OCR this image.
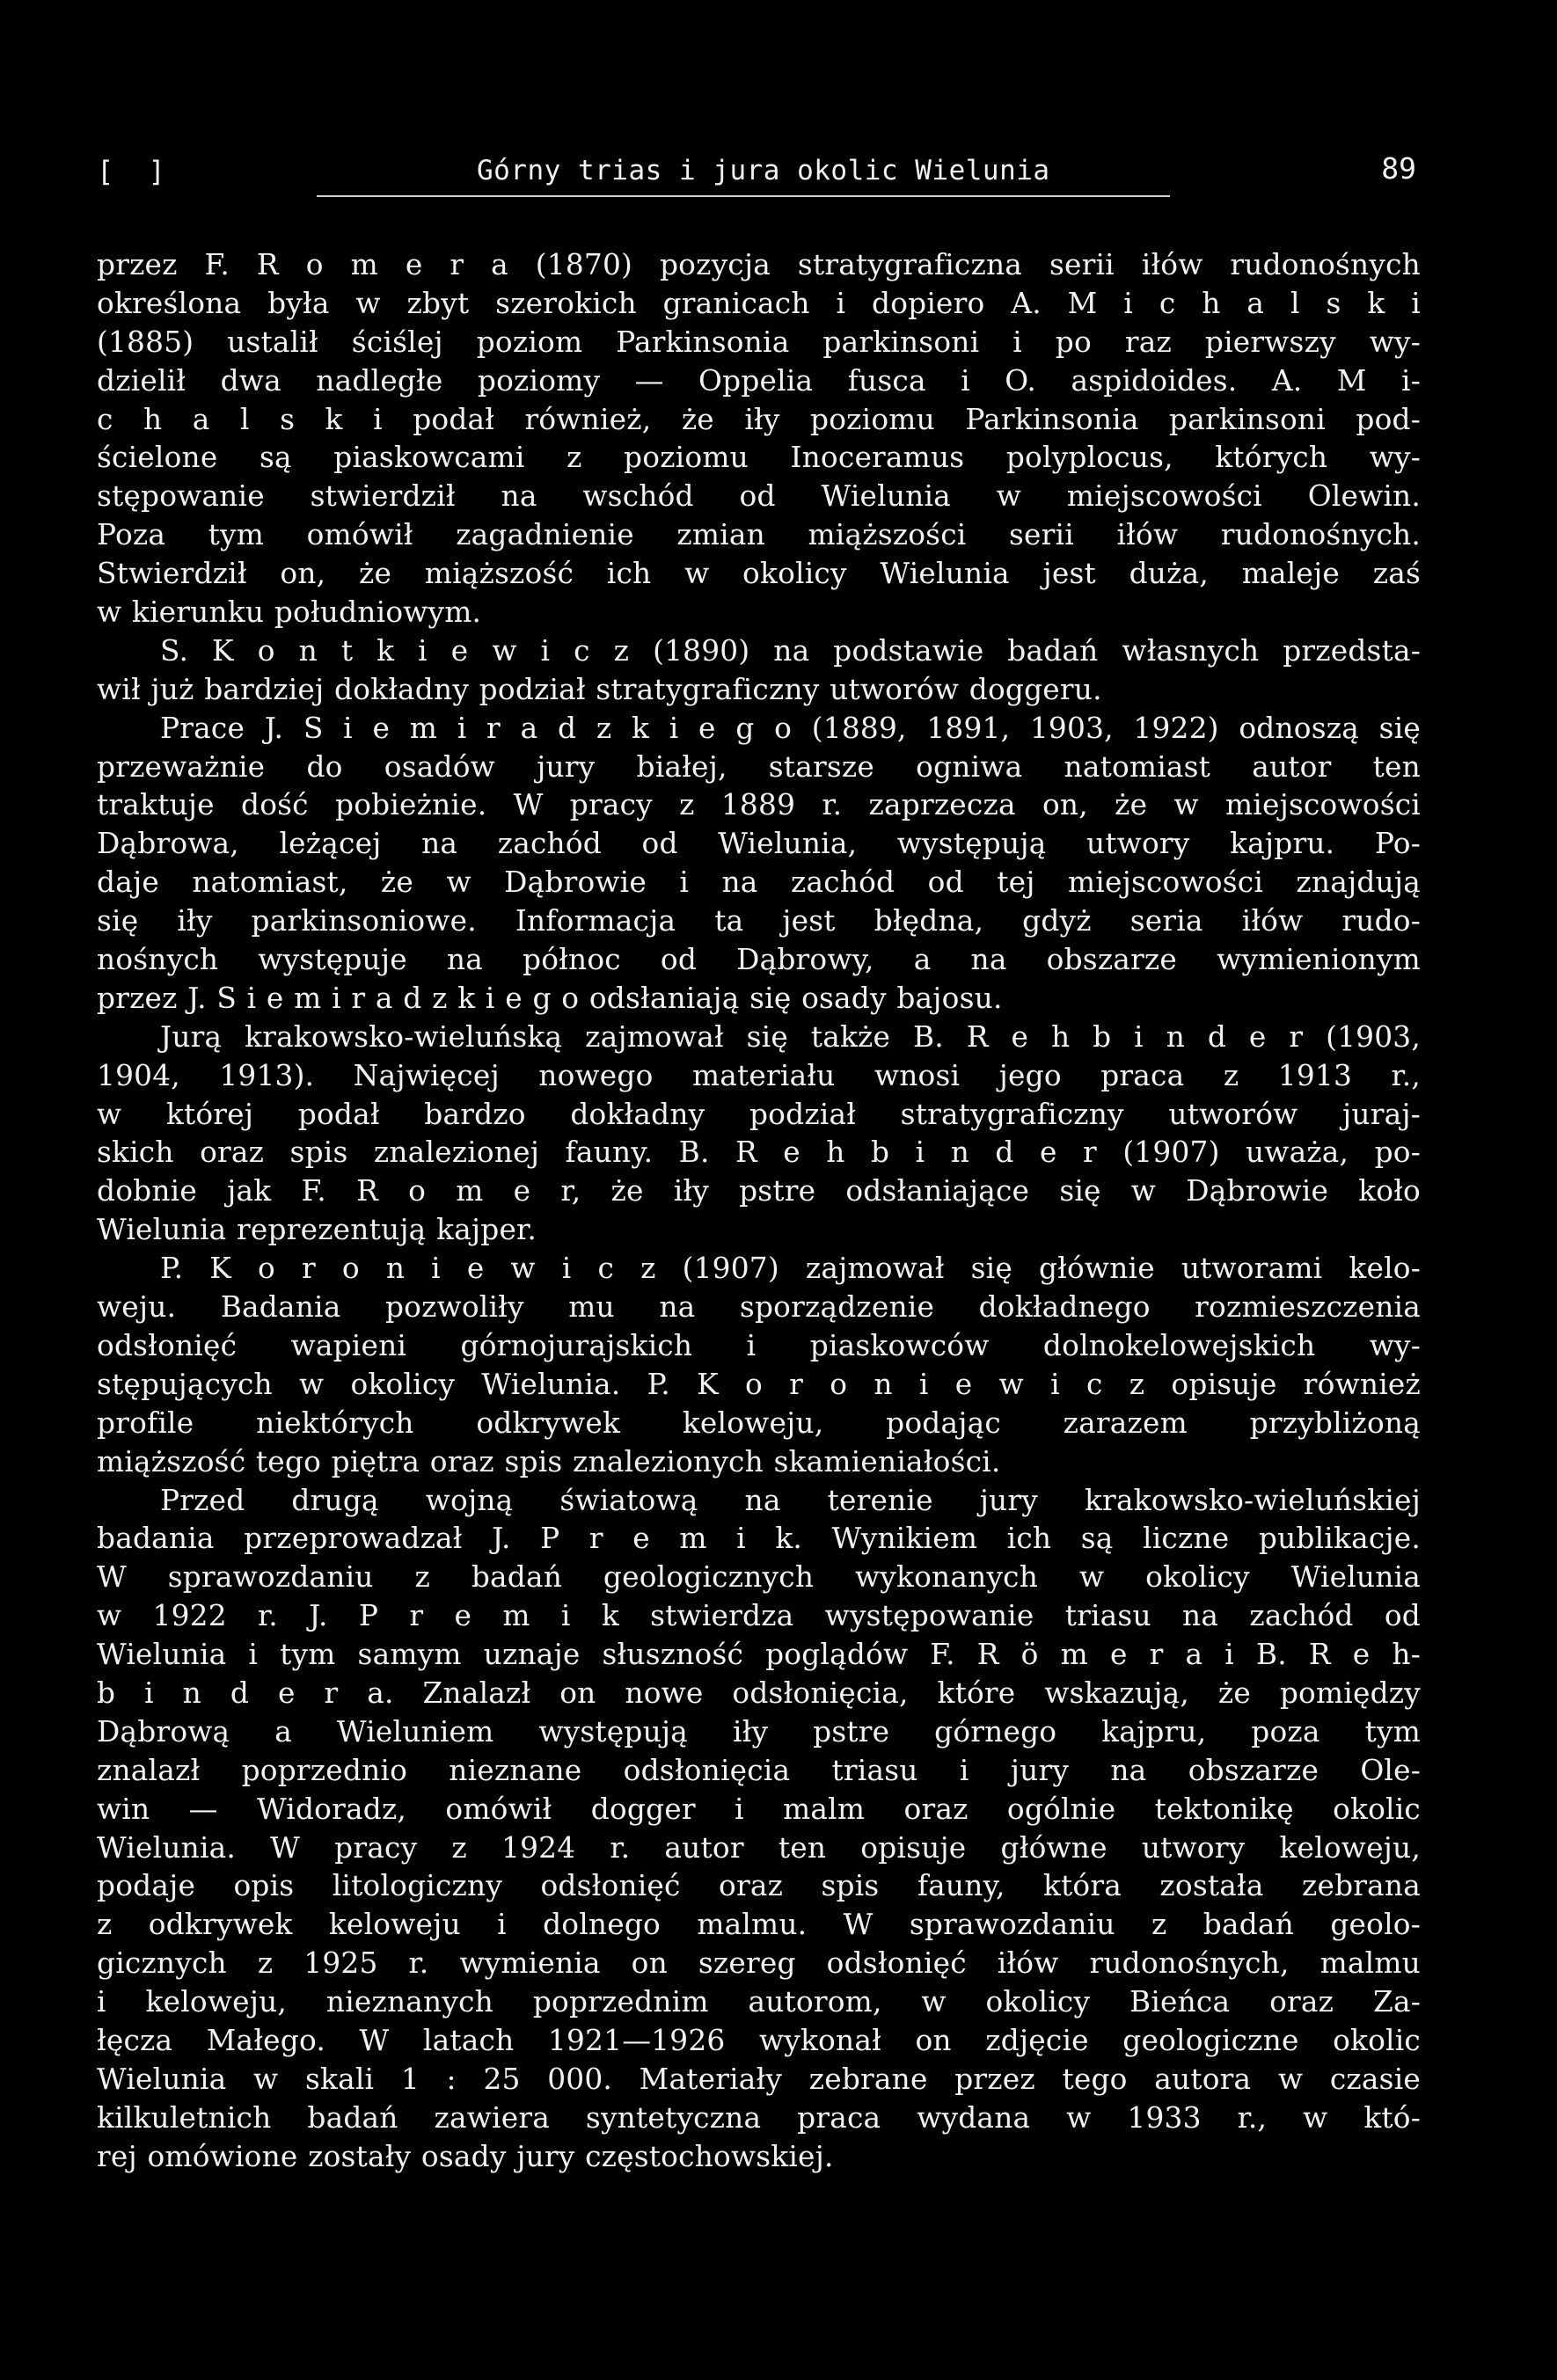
[ ]	Górny trias i jura okolic Wielunia	89
przez F. R o m e r a (1870) pozycja stratygraficzna serii iłów rudonośnych
określona była w zbyt szerokich granicach i dopiero A. M i c h a l s k i
(1885) ustalił ściślej poziom Parkinsonia parkinsoni i po raz pierwszy wy-
dzielił dwa nadległe poziomy — Oppelia fusca i O. aspidoides. A. M i-
c h a l s k i podał również, że iły poziomu Parkinsonia parkinsoni pod-
ścielone są piaskowcami z poziomu Inoceramus polyplocus, których wy-
stępowanie stwierdził na wschód od Wielunia w miejscowości Olewin.
Poza tym omówił zagadnienie zmian miąższości serii iłów rudonośnych.
Stwierdził on, że miąższość ich w okolicy Wielunia jest duża, maleje zaś
w kierunku południowym.
S. K o n t k i e w i c z (1890) na podstawie badań własnych przedsta-
wił już bardziej dokładny podział stratygraficzny utworów doggeru.
Prace J. S i e m i r a d z k i e g o (1889, 1891, 1903, 1922) odnoszą się
przeważnie do osadów jury białej, starsze ogniwa natomiast autor ten
traktuje dość pobieżnie. W pracy z 1889 r. zaprzecza on, że w miejscowości
Dąbrowa, leżącej na zachód od Wielunia, występują utwory kajpru. Po-
daje natomiast, że w Dąbrowie i na zachód od tej miejscowości znajdują
się iły parkinsoniowe. Informacja ta jest błędna, gdyż seria iłów rudo-
nośnych występuje na północ od Dąbrowy, a na obszarze wymienionym
przez J. S i e m i r a d z k i e g o odsłaniają się osady bajosu.
Jurą krakowsko-wieluńską zajmował się także B. R e h b i n d e r (1903,
1904, 1913). Najwięcej nowego materiału wnosi jego praca z 1913 r.,
w której podał bardzo dokładny podział stratygraficzny utworów juraj-
skich oraz spis znalezionej fauny. B. R e h b i n d e r (1907) uważa, po-
dobnie jak F. R o m e r, że iły pstre odsłaniające się w Dąbrowie koło
Wielunia reprezentują kajper.
P. K o r o n i e w i c z (1907) zajmował się głównie utworami kelo-
weju. Badania pozwoliły mu na sporządzenie dokładnego rozmieszczenia
odsłonięć wapieni górnojurajskich i piaskowców dolnokelowejskich wy-
stępujących w okolicy Wielunia. P. K o r o n i e w i c z opisuje również
profile niektórych odkrywek keloweju, podając zarazem przybliżoną
miąższość tego piętra oraz spis znalezionych skamieniałości.
Przed drugą wojną światową na terenie jury krakowsko-wieluńskiej
badania przeprowadzał J. P r e m i k. Wynikiem ich są liczne publikacje.
W sprawozdaniu z badań geologicznych wykonanych w okolicy Wielunia
w 1922 r. J. P r e m i k stwierdza występowanie triasu na zachód od
Wielunia i tym samym uznaje słuszność poglądów F. R ö m e r a i B. R e h-
b i n d e r a. Znalazł on nowe odsłonięcia, które wskazują, że pomiędzy
Dąbrową a Wieluniem występują iły pstre górnego kajpru, poza tym
znalazł poprzednio nieznane odsłonięcia triasu i jury na obszarze Ole-
win — Widoradz, omówił dogger i malm oraz ogólnie tektonikę okolic
Wielunia. W pracy z 1924 r. autor ten opisuje główne utwory keloweju,
podaje opis litologiczny odsłonięć oraz spis fauny, która została zebrana
z odkrywek keloweju i dolnego malmu. W sprawozdaniu z badań geolo-
gicznych z 1925 r. wymienia on szereg odsłonięć iłów rudonośnych, malmu
i keloweju, nieznanych poprzednim autorom, w okolicy Bieńca oraz Za-
łęcza Małego. W latach 1921—1926 wykonał on zdjęcie geologiczne okolic
Wielunia w skali 1 : 25 000. Materiały zebrane przez tego autora w czasie
kilkuletnich badań zawiera syntetyczna praca wydana w 1933 r., w któ-
rej omówione zostały osady jury częstochowskiej.
